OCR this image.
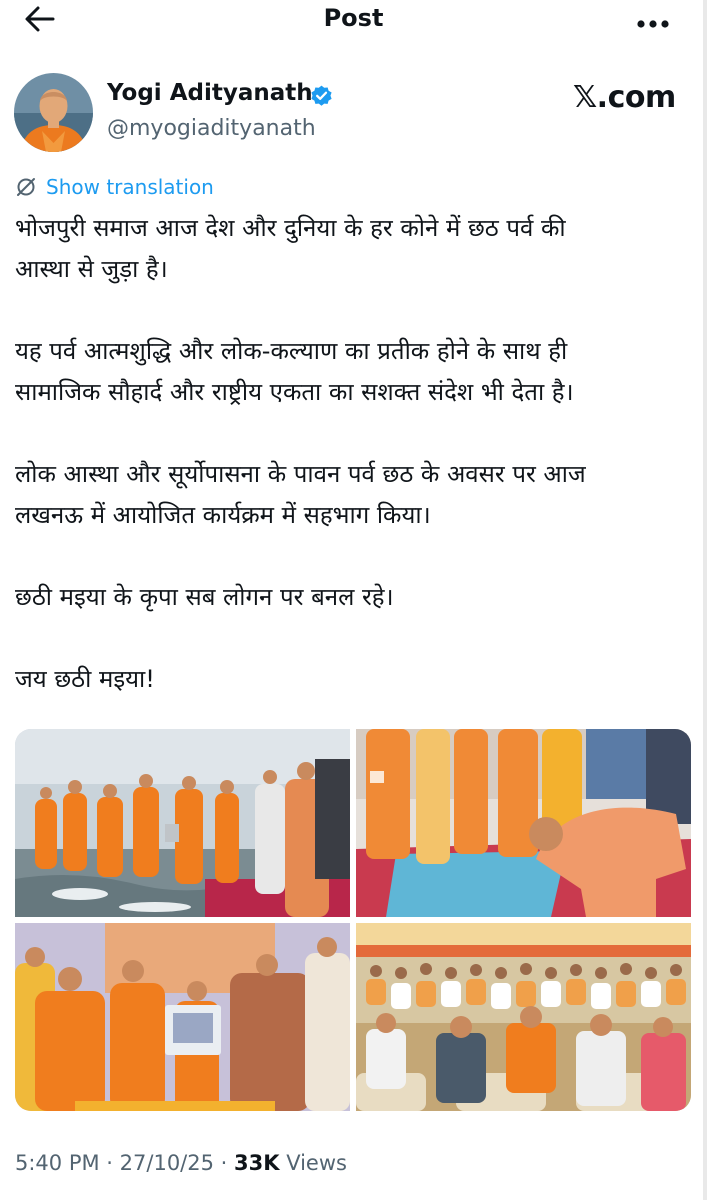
Post
Yogi Adityanath
@myogiadityanath
𝕏.com
Show translation

भोजपुरी समाज आज देश और दुनिया के हर कोने में छठ पर्व की
आस्था से जुड़ा है।

यह पर्व आत्मशुद्धि और लोक-कल्याण का प्रतीक होने के साथ ही
सामाजिक सौहार्द और राष्ट्रीय एकता का सशक्त संदेश भी देता है।

लोक आस्था और सूर्योपासना के पावन पर्व छठ के अवसर पर आज
लखनऊ में आयोजित कार्यक्रम में सहभाग किया।

छठी मइया के कृपा सब लोगन पर बनल रहे।

जय छठी मइया!

5:40 PM · 27/10/25 · 33K Views
